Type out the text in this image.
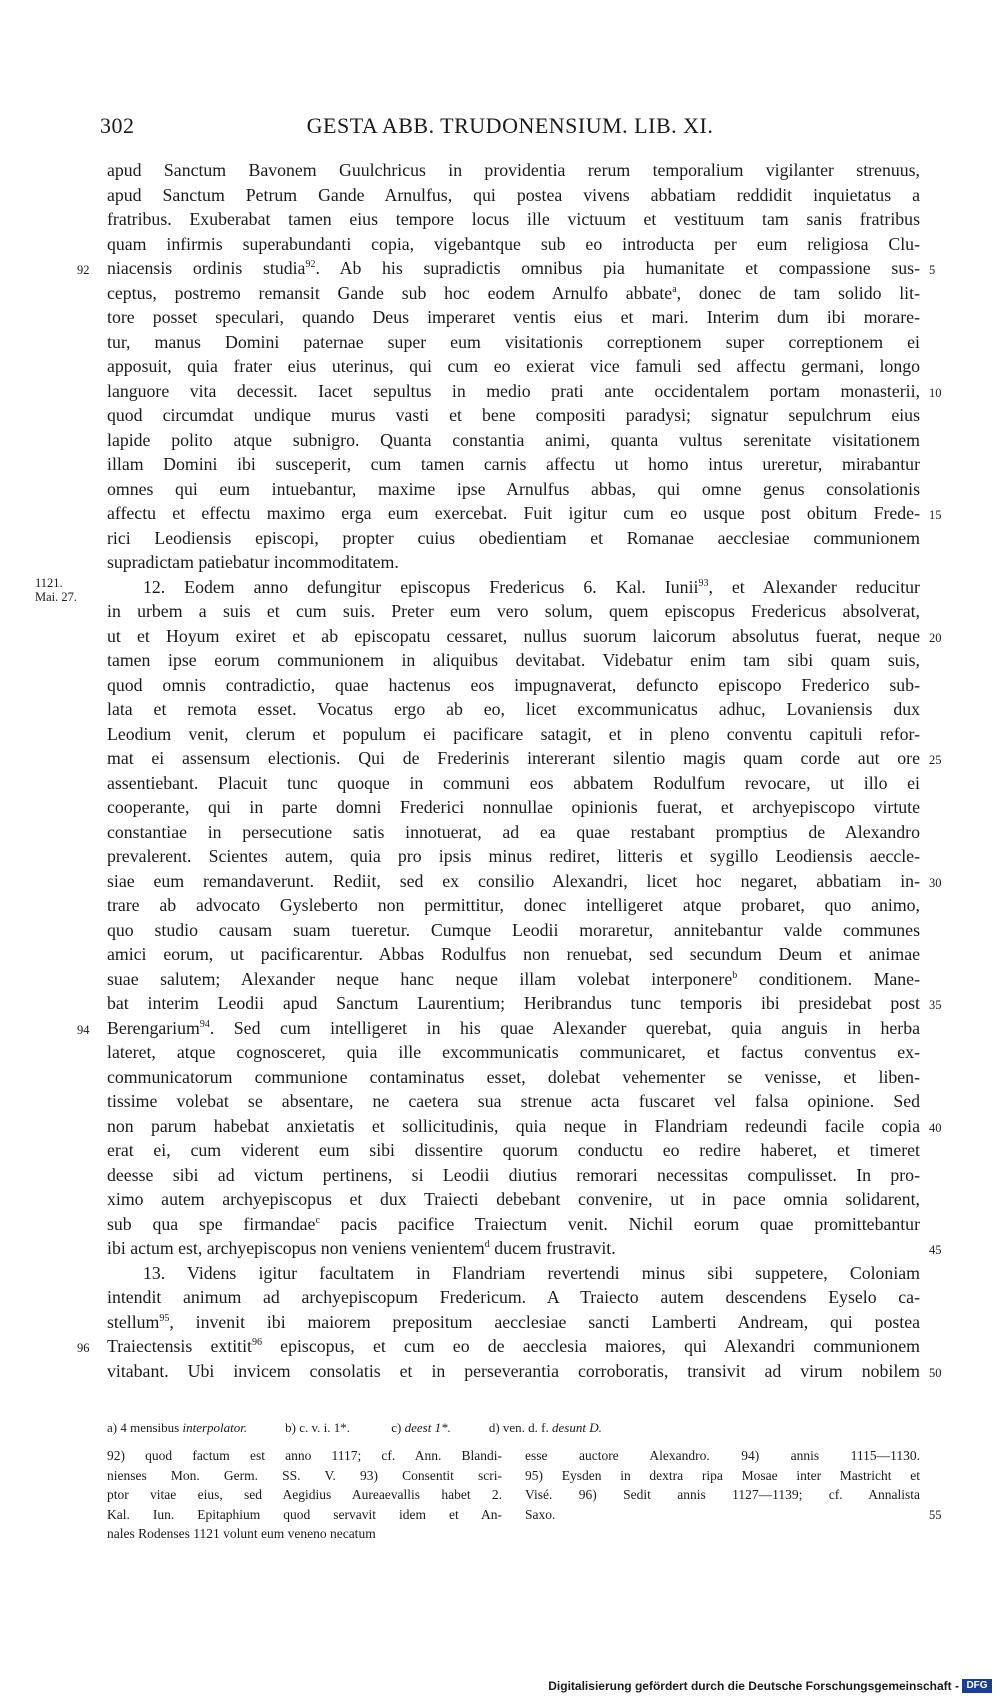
302	GESTA ABB. TRUDONENSIUM. LIB. XI.
apud Sanctum Bavonem Guulchricus in providentia rerum temporalium vigilanter strenuus,
apud Sanctum Petrum Gande Arnulfus, qui postea vivens abbatiam reddidit inquietatus a
fratribus. Exuberabat tamen eius tempore locus ille victuum et vestituum tam sanis fratribus
quam infirmis superabundanti copia, vigebantque sub eo introducta per eum religiosa Clu-
niacensis ordinis studia$^{92}$. Ab his supradictis omnibus pia humanitate et compassione sus- 5
92
ceptus, postremo remansit Gande sub hoc eodem Arnulfo abbate$^a$, donec de tam solido lit-
tore posset speculari, quando Deus imperaret ventis eius et mari. Interim dum ibi morare-
tur, manus Domini paternae super eum visitationis correptionem super correptionem ei
apposuit, quia frater eius uterinus, qui cum eo exierat vice famuli sed affectu germani, longo
languore vita decessit. Iacet sepultus in medio prati ante occidentalem portam monasterii, 10
quod circumdat undique murus vasti et bene compositi paradysi; signatur sepulchrum eius
lapide polito atque subnigro. Quanta constantia animi, quanta vultus serenitate visitationem
illam Domini ibi susceperit, cum tamen carnis affectu ut homo intus ureretur, mirabantur
omnes qui eum intuebantur, maxime ipse Arnulfus abbas, qui omne genus consolationis
affectu et effectu maximo erga eum exercebat. Fuit igitur cum eo usque post obitum Frede- 15
rici Leodiensis episcopi, propter cuius obedientiam et Romanae aecclesiae communionem
supradictam patiebatur incommoditatem.
12. Eodem anno defungitur episcopus Fredericus 6. Kal. Iunii$^{93}$, et Alexander reducitur
1121.
Mai. 27.
in urbem a suis et cum suis. Preter eum vero solum, quem episcopus Fredericus absolverat,
ut et Hoyum exiret et ab episcopatu cessaret, nullus suorum laicorum absolutus fuerat, neque 20
tamen ipse eorum communionem in aliquibus devitabat. Videbatur enim tam sibi quam suis,
quod omnis contradictio, quae hactenus eos impugnaverat, defuncto episcopo Frederico sub-
lata et remota esset. Vocatus ergo ab eo, licet excommunicatus adhuc, Lovaniensis dux
Leodium venit, clerum et populum ei pacificare satagit, et in pleno conventu capituli refor-
mat ei assensum electionis. Qui de Frederinis intererant silentio magis quam corde aut ore 25
assentiebant. Placuit tunc quoque in communi eos abbatem Rodulfum revocare, ut illo ei
cooperante, qui in parte domni Frederici nonnullae opinionis fuerat, et archyepiscopo virtute
constantiae in persecutione satis innotuerat, ad ea quae restabant promptius de Alexandro
prevalerent. Scientes autem, quia pro ipsis minus rediret, litteris et sygillo Leodiensis aeccle-
siae eum remandaverunt. Rediit, sed ex consilio Alexandri, licet hoc negaret, abbatiam in- 30
trare ab advocato Gysleberto non permittitur, donec intelligeret atque probaret, quo animo,
quo studio causam suam tueretur. Cumque Leodii moraretur, annitebantur valde communes
amici eorum, ut pacificarentur. Abbas Rodulfus non renuebat, sed secundum Deum et animae
suae salutem; Alexander neque hanc neque illam volebat interponere$^b$ conditionem. Mane-
bat interim Leodii apud Sanctum Laurentium; Heribrandus tunc temporis ibi presidebat post 35
Berengarium$^{94}$. Sed cum intelligeret in his quae Alexander querebat, quia anguis in herba
94
lateret, atque cognosceret, quia ille excommunicatis communicaret, et factus conventus ex-
communicatorum communione contaminatus esset, dolebat vehementer se venisse, et liben-
tissime volebat se absentare, ne caetera sua strenue acta fuscaret vel falsa opinione. Sed
non parum habebat anxietatis et sollicitudinis, quia neque in Flandriam redeundi facile copia 40
erat ei, cum viderent eum sibi dissentire quorum conductu eo redire haberet, et timeret
deesse sibi ad victum pertinens, si Leodii diutius remorari necessitas compulisset. In pro-
ximo autem archyepiscopus et dux Traiecti debebant convenire, ut in pace omnia solidarent,
sub qua spe firmandae$^c$ pacis pacifice Traiectum venit. Nichil eorum quae promittebantur
ibi actum est, archyepiscopus non veniens venientem$^d$ ducem frustravit.	45
13. Videns igitur facultatem in Flandriam revertendi minus sibi suppetere, Coloniam
intendit animum ad archyepiscopum Fredericum. A Traiecto autem descendens Eyselo ca-
stellum$^{95}$, invenit ibi maiorem prepositum aecclesiae sancti Lamberti Andream, qui postea
Traiectensis extitit$^{96}$ episcopus, et cum eo de aecclesia maiores, qui Alexandri communionem
96
vitabant. Ubi invicem consolatis et in perseverantia corroboratis, transivit ad virum nobilem 50
a) 4 mensibus interpolator.	b) c. v. i. 1*.	c) deest 1*.	d) ven. d. f. desunt D.
92) quod factum est anno 1117; cf. Ann. Blandi-
nienses Mon. Germ. SS. V. 93) Consentit scri-
ptor vitae eius, sed Aegidius Aureaevallis habet 2.
Kal. Iun. Epitaphium quod servavit idem et An-
nales Rodenses 1121 volunt eum veneno necatum
esse auctore Alexandro. 94) annis 1115—1130.
95) Eysden in dextra ripa Mosae inter Mastricht et
Visé. 96) Sedit annis 1127—1139; cf. Annalista
Saxo.	55
Digitalisierung gefördert durch die Deutsche Forschungsgemeinschaft - DFG
